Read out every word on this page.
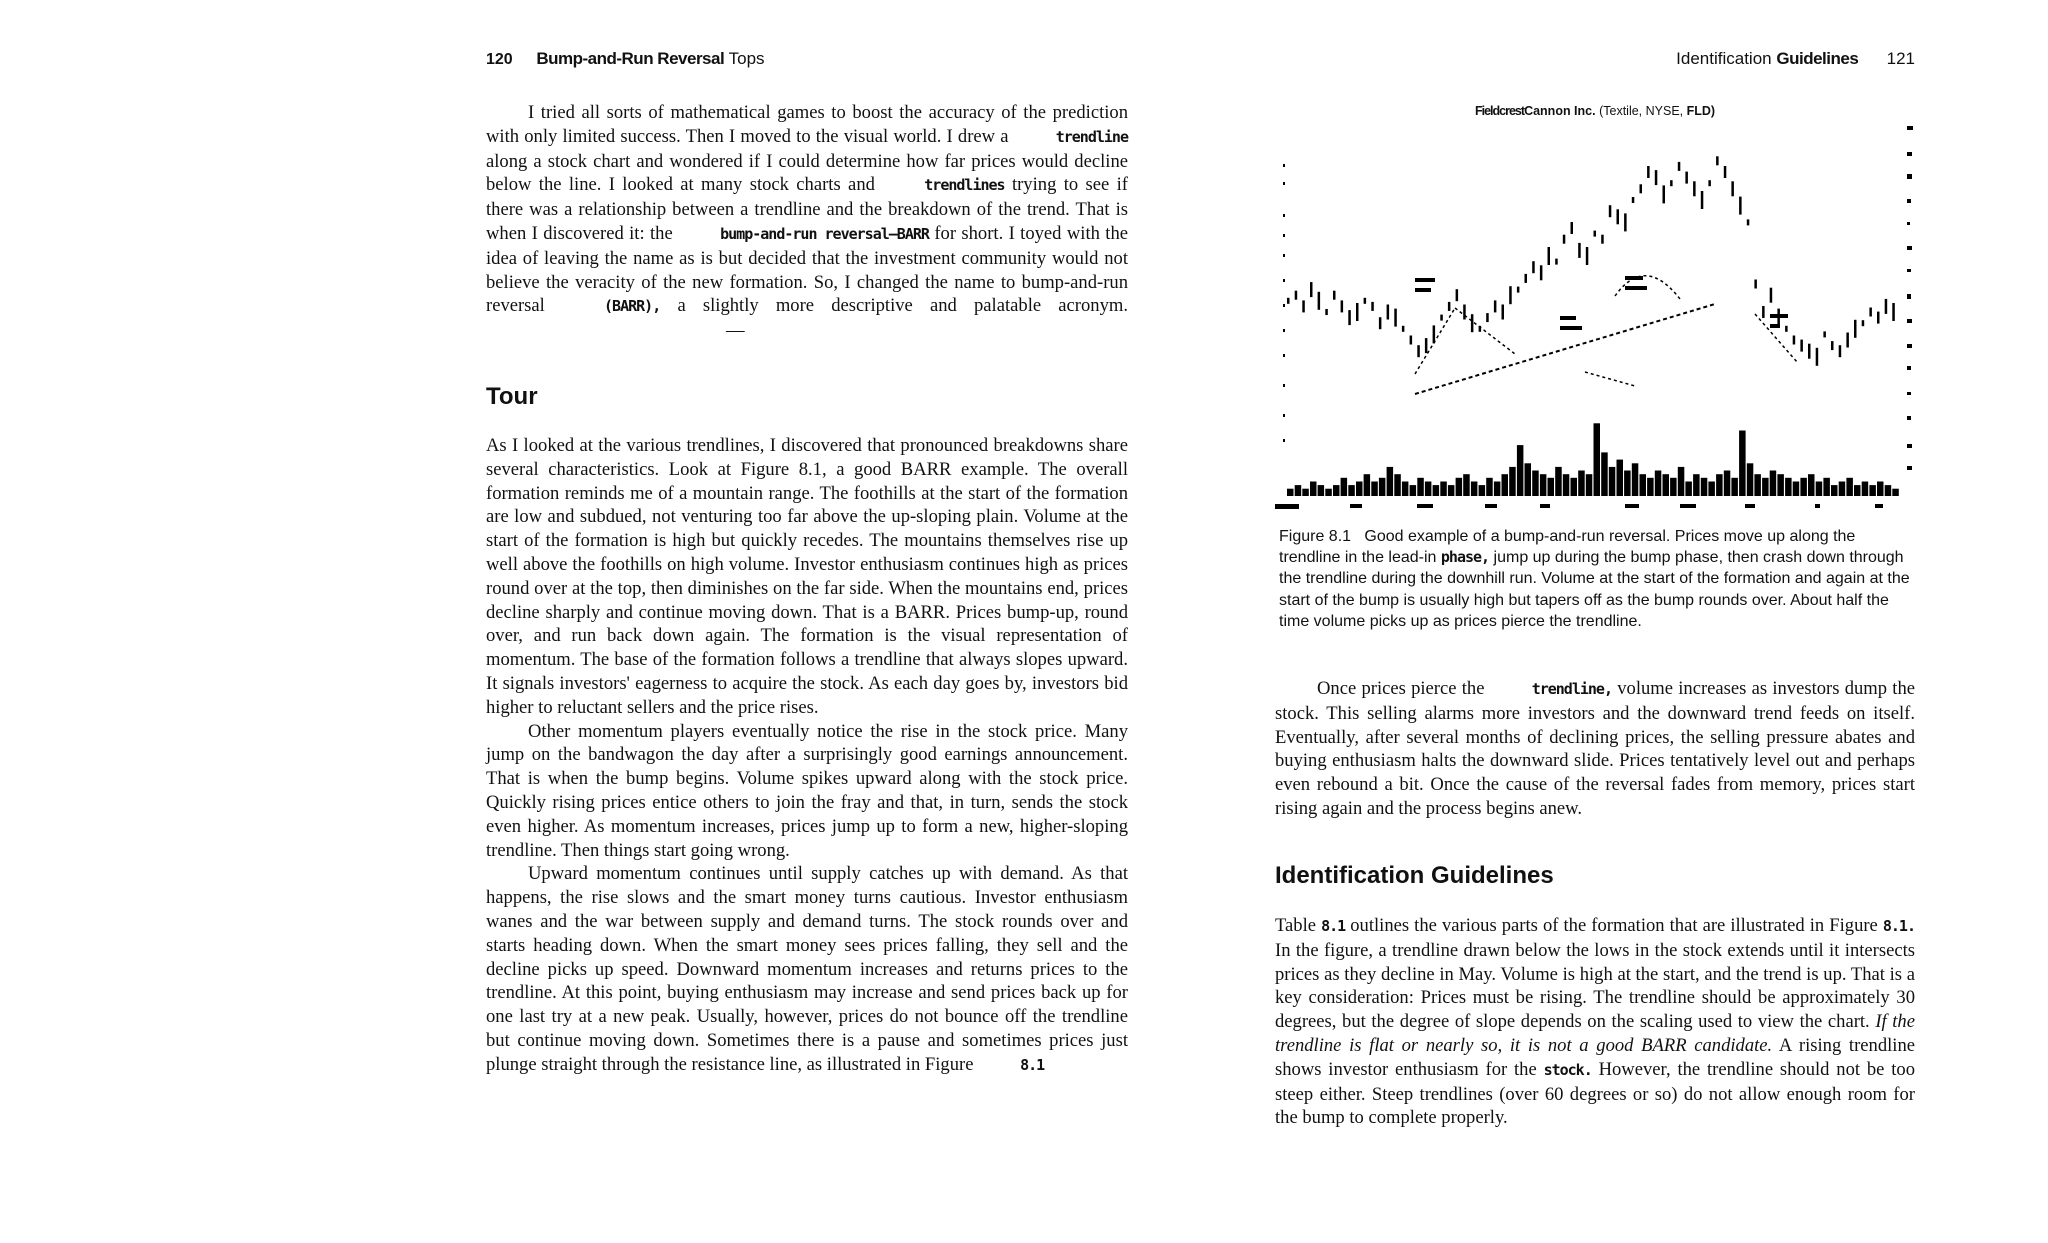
120 Bump-and-Run Reversal Tops

I tried all sorts of mathematical games to boost the accuracy of the prediction with only limited success. Then I moved to the visual world. I drew a	trendline along a stock chart and wondered if I could determine how far prices would decline below the line. I looked at many stock charts and	trendlines trying to see if there was a relationship between a trendline and the breakdown of the trend. That is when I discovered it: the	bump-and-run reversal—BARR for short. I toyed with the idea of leaving the name as is but decided that the investment community would not believe the veracity of the new formation. So, I changed the name to bump-and-run reversal	(BARR), a slightly more descriptive and palatable acronym. —

Tour

As I looked at the various trendlines, I discovered that pronounced breakdowns share several characteristics. Look at Figure 8.1, a good BARR example. The overall formation reminds me of a mountain range. The foothills at the start of the formation are low and subdued, not venturing too far above the up-sloping plain. Volume at the start of the formation is high but quickly recedes. The mountains themselves rise up well above the foothills on high volume. Investor enthusiasm continues high as prices round over at the top, then diminishes on the far side. When the mountains end, prices decline sharply and continue moving down. That is a BARR. Prices bump-up, round over, and run back down again. The formation is the visual representation of momentum. The base of the formation follows a trendline that always slopes upward. It signals investors' eagerness to acquire the stock. As each day goes by, investors bid higher to reluctant sellers and the price rises.

Other momentum players eventually notice the rise in the stock price. Many jump on the bandwagon the day after a surprisingly good earnings announcement. That is when the bump begins. Volume spikes upward along with the stock price. Quickly rising prices entice others to join the fray and that, in turn, sends the stock even higher. As momentum increases, prices jump up to form a new, higher-sloping trendline. Then things start going wrong.

Upward momentum continues until supply catches up with demand. As that happens, the rise slows and the smart money turns cautious. Investor enthusiasm wanes and the war between supply and demand turns. The stock rounds over and starts heading down. When the smart money sees prices falling, they sell and the decline picks up speed. Downward momentum increases and returns prices to the trendline. At this point, buying enthusiasm may increase and send prices back up for one last try at a new peak. Usually, however, prices do not bounce off the trendline but continue moving down. Sometimes there is a pause and sometimes prices just plunge straight through the resistance line, as illustrated in Figure	8.1

Identification Guidelines 121
FieldcrestCannon Inc. (Textile, NYSE, FLD)
Figure 8.1 Good example of a bump-and-run reversal. Prices move up along the trendline in the lead-in phase, jump up during the bump phase, then crash down through the trendline during the downhill run. Volume at the start of the formation and again at the start of the bump is usually high but tapers off as the bump rounds over. About half the time volume picks up as prices pierce the trendline.

Once prices pierce the	trendline, volume increases as investors dump the stock. This selling alarms more investors and the downward trend feeds on itself. Eventually, after several months of declining prices, the selling pressure abates and buying enthusiasm halts the downward slide. Prices tentatively level out and perhaps even rebound a bit. Once the cause of the reversal fades from memory, prices start rising again and the process begins anew.

Identification Guidelines

Table 8.1 outlines the various parts of the formation that are illustrated in Figure 8.1. In the figure, a trendline drawn below the lows in the stock extends until it intersects prices as they decline in May. Volume is high at the start, and the trend is up. That is a key consideration: Prices must be rising. The trendline should be approximately 30 degrees, but the degree of slope depends on the scaling used to view the chart. If the trendline is flat or nearly so, it is not a good BARR candidate. A rising trendline shows investor enthusiasm for the stock. However, the trendline should not be too steep either. Steep trendlines (over 60 degrees or so) do not allow enough room for the bump to complete properly.
